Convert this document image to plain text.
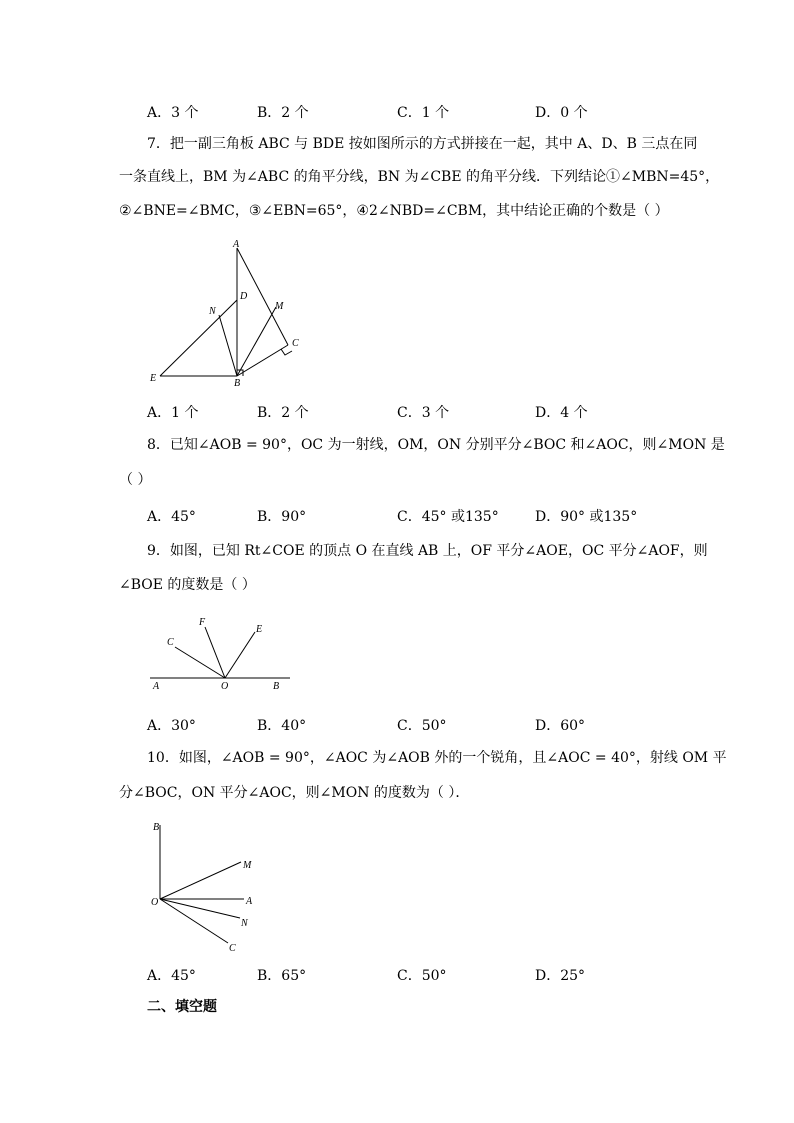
A．3 个	B．2 个	C．1 个	D．0 个
7．把一副三角板 ABC 与 BDE 按如图所示的方式拼接在一起，其中 A、D、B 三点在同
一条直线上，BM 为∠ABC 的角平分线，BN 为∠CBE 的角平分线．下列结论①∠MBN=45°，
②∠BNE=∠BMC，③∠EBN=65°，④2∠NBD=∠CBM，其中结论正确的个数是（ ）
A
D
N	M
C
E	B
A．1 个	B．2 个	C．3 个	D．4 个
8．已知∠AOB = 90°，OC 为一射线，OM，ON 分别平分∠BOC 和∠AOC，则∠MON 是
（ ）
A．45°	B．90°	C．45° 或135°	D．90° 或135°
9．如图，已知 Rt∠COE 的顶点 O 在直线 AB 上，OF 平分∠AOE，OC 平分∠AOF，则
∠BOE 的度数是（ ）
C
F
E
A	O	B
A．30°	B．40°	C．50°	D．60°
10．如图，∠AOB = 90°，∠AOC 为∠AOB 外的一个锐角，且∠AOC = 40°，射线 OM 平
分∠BOC，ON 平分∠AOC，则∠MON 的度数为（ ）．
B
M
O	A
N
C
A．45°	B．65°	C．50°	D．25°
二、填空题
